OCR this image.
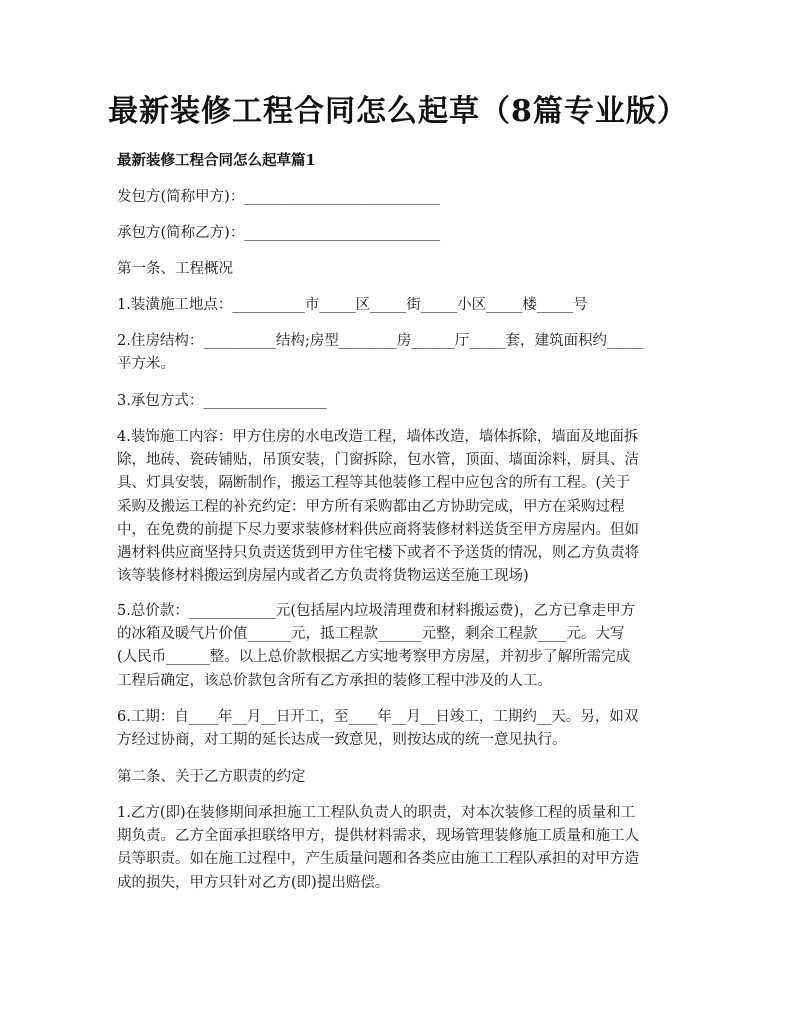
最新装修工程合同怎么起草（8篇专业版）
最新装修工程合同怎么起草篇1
发包方(简称甲方)：___________________________
承包方(简称乙方)：___________________________
第一条、工程概况
1.装潢施工地点：__________市_____区_____街_____小区_____楼_____号
2.住房结构：__________结构;房型________房______厅_____套，建筑面积约_____
平方米。
3.承包方式：_________________
4.装饰施工内容：甲方住房的水电改造工程，墙体改造，墙体拆除，墙面及地面拆
除，地砖、瓷砖铺贴，吊顶安装，门窗拆除，包水管，顶面、墙面涂料，厨具、洁
具、灯具安装，隔断制作，搬运工程等其他装修工程中应包含的所有工程。(关于
采购及搬运工程的补充约定：甲方所有采购都由乙方协助完成，甲方在采购过程
中，在免费的前提下尽力要求装修材料供应商将装修材料送货至甲方房屋内。但如
遇材料供应商坚持只负责送货到甲方住宅楼下或者不予送货的情况，则乙方负责将
该等装修材料搬运到房屋内或者乙方负责将货物运送至施工现场)
5.总价款：____________元(包括屋内垃圾清理费和材料搬运费)，乙方已拿走甲方
的冰箱及暖气片价值______元，抵工程款______元整，剩余工程款____元。大写
(人民币______整。以上总价款根据乙方实地考察甲方房屋，并初步了解所需完成
工程后确定，该总价款包含所有乙方承担的装修工程中涉及的人工。
6.工期：自____年__月__日开工，至____年__月__日竣工，工期约__天。另，如双
方经过协商，对工期的延长达成一致意见，则按达成的统一意见执行。
第二条、关于乙方职责的约定
1.乙方(即)在装修期间承担施工工程队负责人的职责，对本次装修工程的质量和工
期负责。乙方全面承担联络甲方，提供材料需求，现场管理装修施工质量和施工人
员等职责。如在施工过程中，产生质量问题和各类应由施工工程队承担的对甲方造
成的损失，甲方只针对乙方(即)提出赔偿。
